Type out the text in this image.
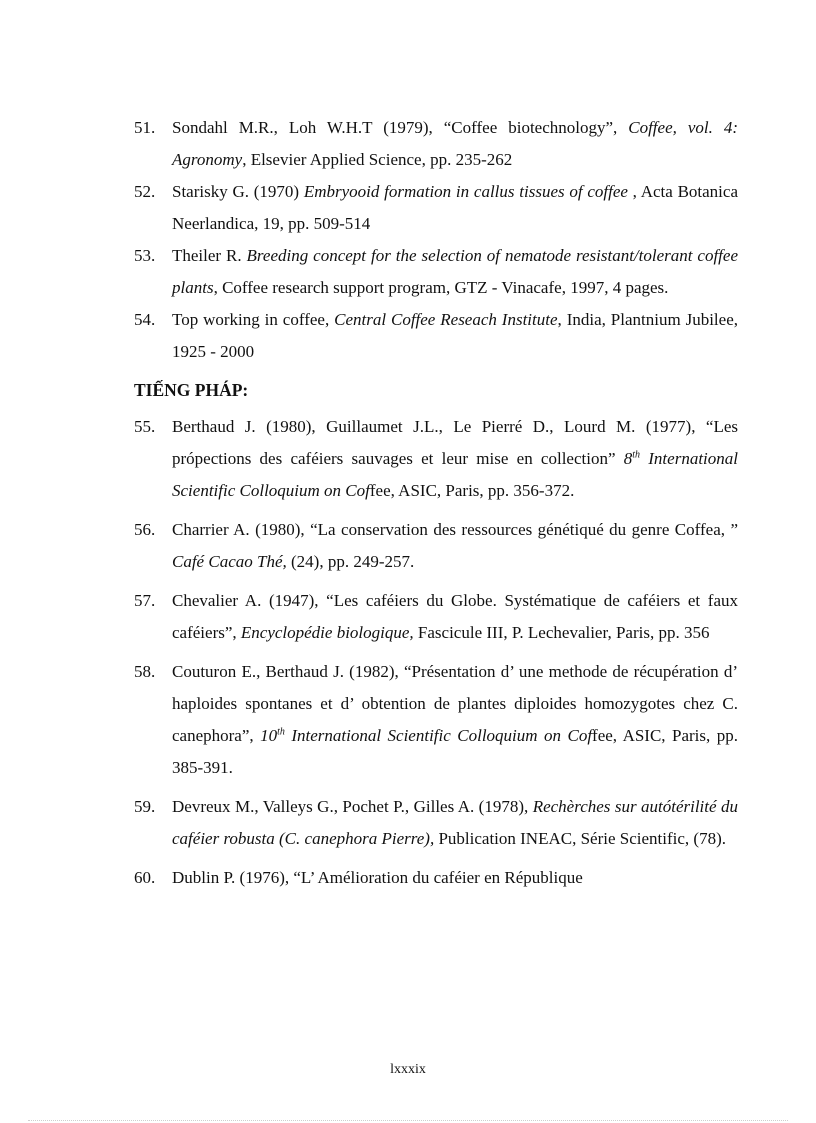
51. Sondahl M.R., Loh W.H.T (1979), “Coffee biotechnology”, Coffee, vol. 4: Agronomy, Elsevier Applied Science, pp. 235-262
52. Starisky G. (1970) Embryooid formation in callus tissues of coffee , Acta Botanica Neerlandica, 19, pp. 509-514
53. Theiler R. Breeding concept for the selection of nematode resistant/tolerant coffee plants, Coffee research support program, GTZ - Vinacafe, 1997, 4 pages.
54. Top working in coffee, Central Coffee Reseach Institute, India, Plantnium Jubilee, 1925 - 2000
TIẾNG PHÁP:
55. Berthaud J. (1980), Guillaumet J.L., Le Pierré D., Lourd M. (1977), “Les própections des caféiers sauvages et leur mise en collection” 8th International Scientific Colloquium on Coffee, ASIC, Paris, pp. 356-372.
56. Charrier A. (1980), “La conservation des ressources génétiqué du genre Coffea, ” Café Cacao Thé, (24), pp. 249-257.
57. Chevalier A. (1947), “Les caféiers du Globe. Systématique de caféiers et faux caféiers”, Encyclopédie biologique, Fascicule III, P. Lechevalier, Paris, pp. 356
58. Couturon E., Berthaud J. (1982), “Présentation d’ une methode de récupération d’ haploides spontanes et d’ obtention de plantes diploides homozygotes chez C. canephora”, 10th International Scientific Colloquium on Coffee, ASIC, Paris, pp. 385-391.
59. Devreux M., Valleys G., Pochet P., Gilles A. (1978), Rechèrches sur autótérilité du caféier robusta (C. canephora Pierre), Publication INEAC, Série Scientific, (78).
60. Dublin P. (1976), “L’ Amélioration du caféier en République
lxxxix
